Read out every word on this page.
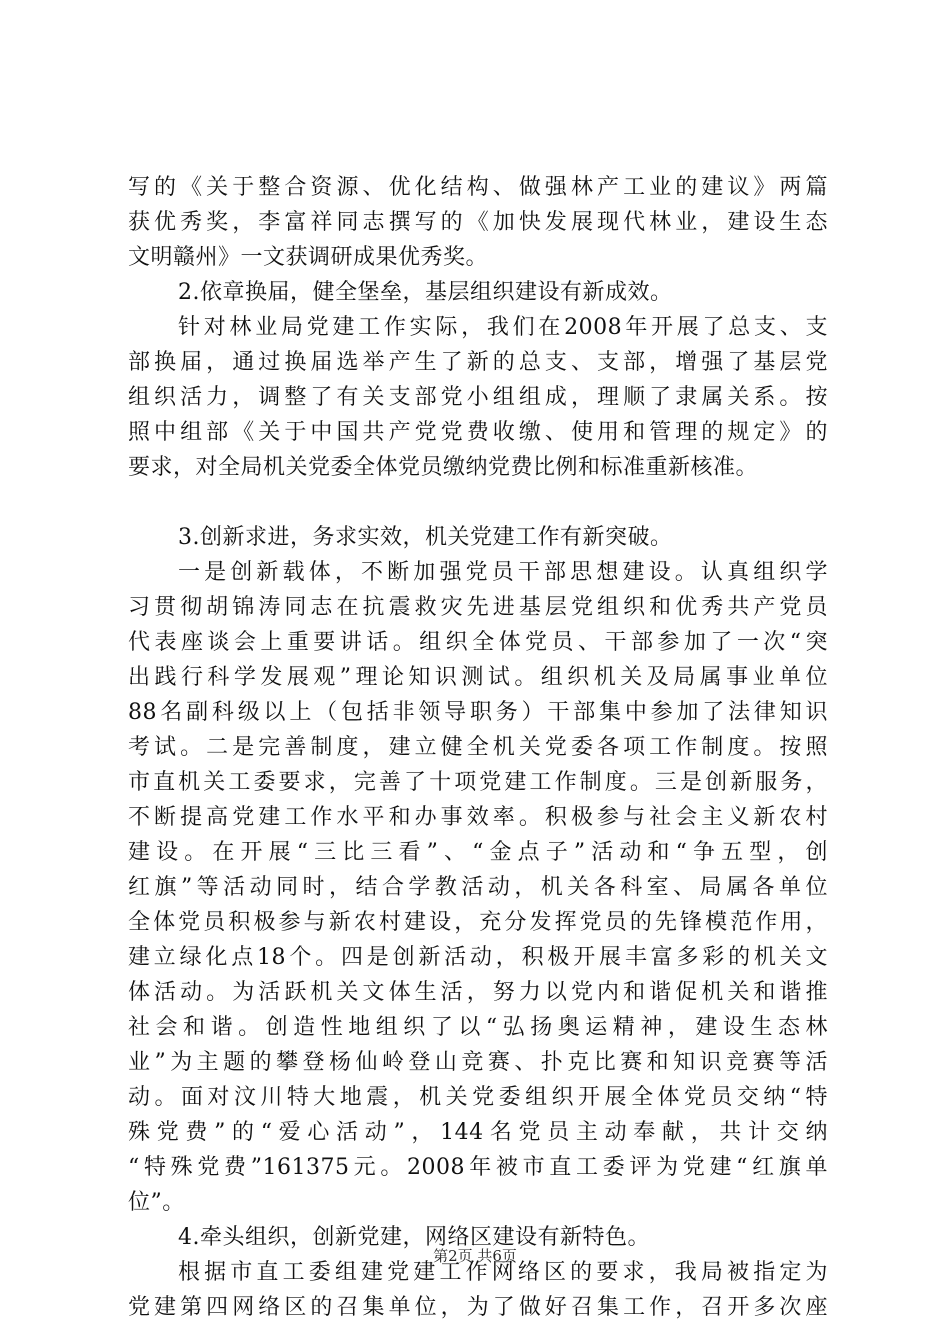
写的《关于整合资源、优化结构、做强林产工业的建议》两篇
获优秀奖，李富祥同志撰写的《加快发展现代林业，建设生态
文明赣州》一文获调研成果优秀奖。
2.依章换届，健全堡垒，基层组织建设有新成效。
针对林业局党建工作实际，我们在2008年开展了总支、支
部换届，通过换届选举产生了新的总支、支部，增强了基层党
组织活力，调整了有关支部党小组组成，理顺了隶属关系。按
照中组部《关于中国共产党党费收缴、使用和管理的规定》的
要求，对全局机关党委全体党员缴纳党费比例和标准重新核准。
3.创新求进，务求实效，机关党建工作有新突破。
一是创新载体，不断加强党员干部思想建设。认真组织学
习贯彻胡锦涛同志在抗震救灾先进基层党组织和优秀共产党员
代表座谈会上重要讲话。组织全体党员、干部参加了一次“突
出践行科学发展观”理论知识测试。组织机关及局属事业单位
88名副科级以上（包括非领导职务）干部集中参加了法律知识
考试。二是完善制度，建立健全机关党委各项工作制度。按照
市直机关工委要求，完善了十项党建工作制度。三是创新服务，
不断提高党建工作水平和办事效率。积极参与社会主义新农村
建设。在开展“三比三看”、“金点子”活动和“争五型，创
红旗”等活动同时，结合学教活动，机关各科室、局属各单位
全体党员积极参与新农村建设，充分发挥党员的先锋模范作用，
建立绿化点18个。四是创新活动，积极开展丰富多彩的机关文
体活动。为活跃机关文体生活，努力以党内和谐促机关和谐推
社会和谐。创造性地组织了以“弘扬奥运精神，建设生态林
业”为主题的攀登杨仙岭登山竞赛、扑克比赛和知识竞赛等活
动。面对汶川特大地震，机关党委组织开展全体党员交纳“特
殊党费”的“爱心活动”，144名党员主动奉献，共计交纳
“特殊党费”161375元。2008年被市直工委评为党建“红旗单
位”。
4.牵头组织，创新党建，网络区建设有新特色。
根据市直工委组建党建工作网络区的要求，我局被指定为
党建第四网络区的召集单位，为了做好召集工作，召开多次座
第2页 共6页
